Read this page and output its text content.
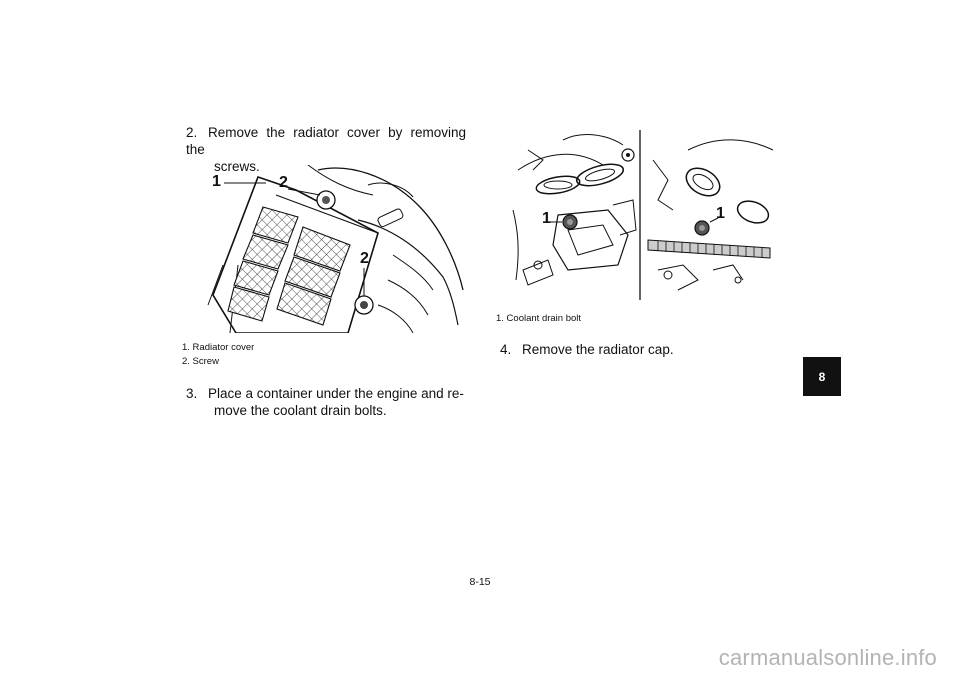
2. Remove the radiator cover by removing the
screws.
1	2
2
1. Radiator cover
2. Screw
3. Place a container under the engine and re-
move the coolant drain bolts.
1	1
1. Coolant drain bolt
4. Remove the radiator cap.
8
8-15
carmanualsonline.info
